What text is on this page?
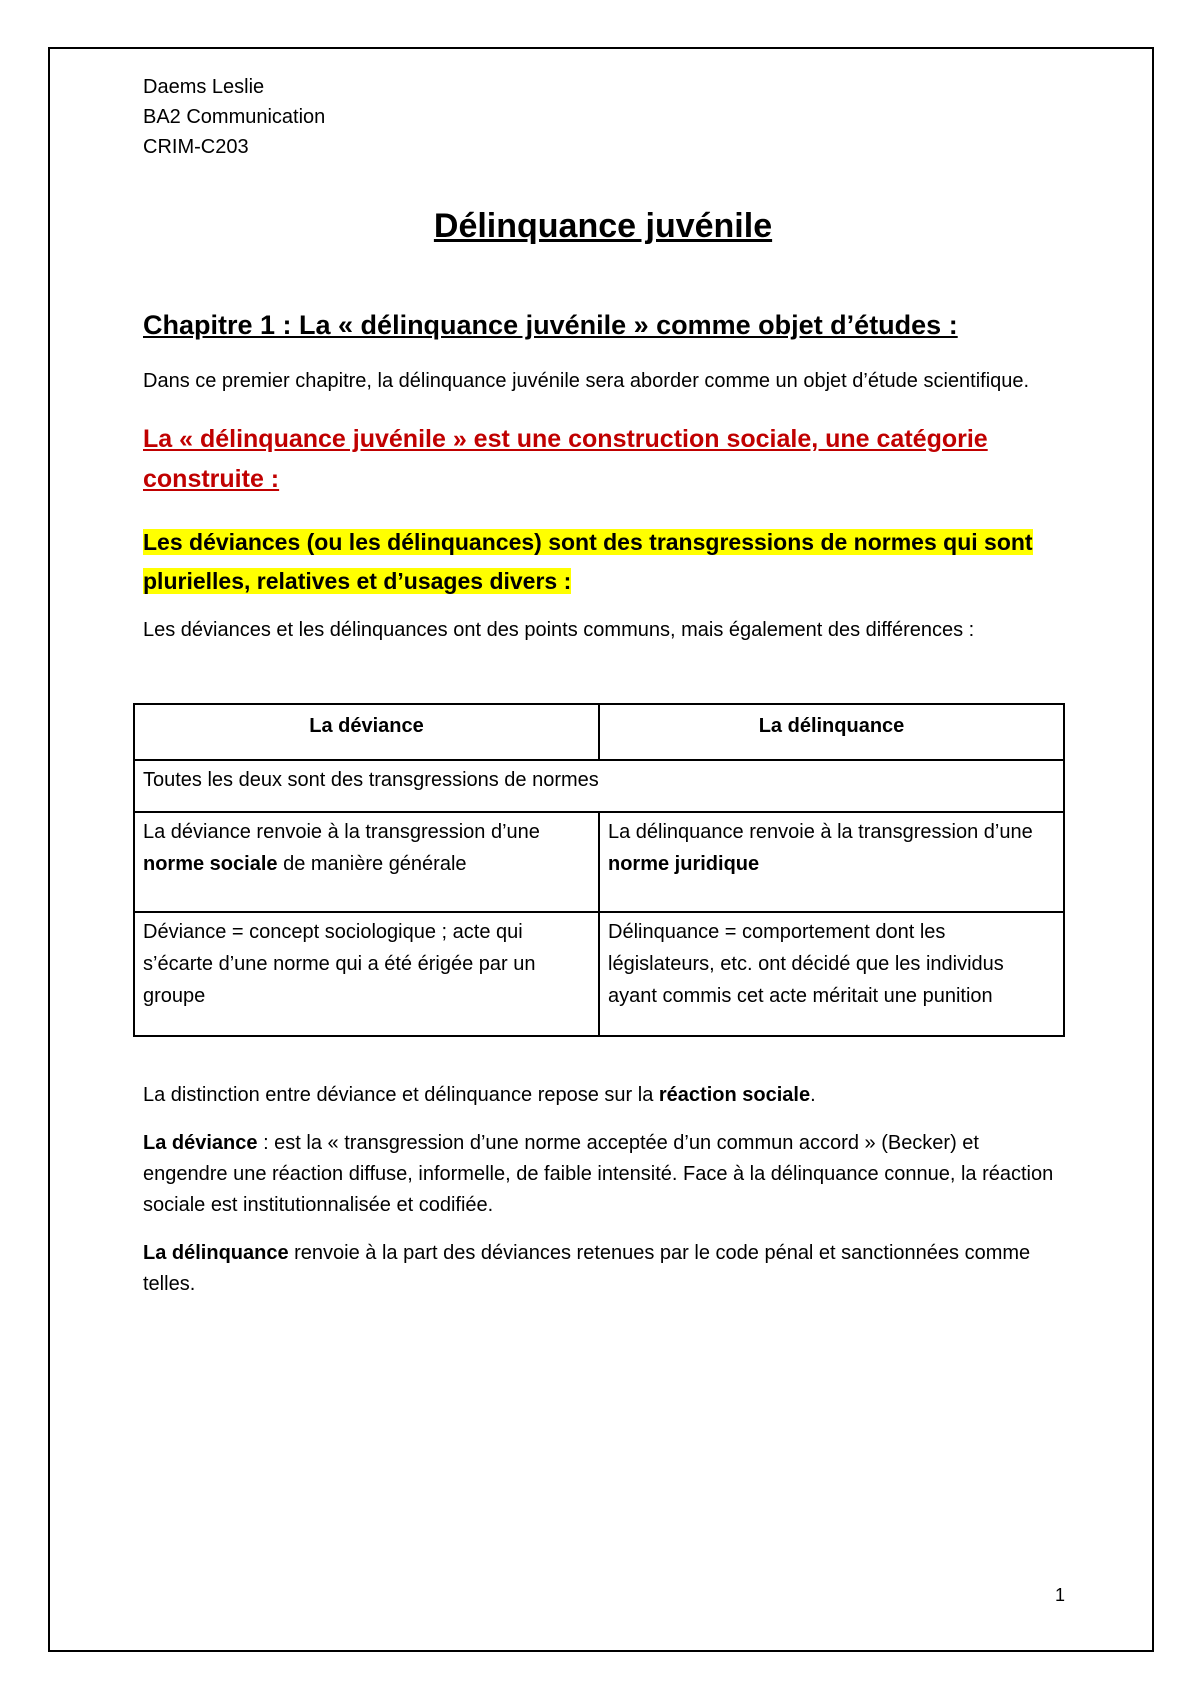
Daems Leslie

BA2 Communication

CRIM-C203

Délinquance juvénile
Chapitre 1 : La « délinquance juvénile » comme objet d’études :

Dans ce premier chapitre, la délinquance juvénile sera aborder comme un objet d’étude scientifique.

La « délinquance juvénile » est une construction sociale, une catégorie construite :

Les déviances (ou les délinquances) sont des transgressions de normes qui sont plurielles, relatives et d’usages divers :

Les déviances et les délinquances ont des points communs, mais également des différences :

La déviance	La délinquance
Toutes les deux sont des transgressions de normes	
La déviance renvoie à la transgression d’une norme sociale de manière générale	La délinquance renvoie à la transgression d’une norme juridique
Déviance = concept sociologique ; acte qui s’écarte d’une norme qui a été érigée par un groupe	Délinquance = comportement dont les législateurs, etc. ont décidé que les individus ayant commis cet acte méritait une punition

La distinction entre déviance et délinquance repose sur la réaction sociale.

La déviance : est la « transgression d’une norme acceptée d’un commun accord » (Becker) et engendre une réaction diffuse, informelle, de faible intensité. Face à la délinquance connue, la réaction sociale est institutionnalisée et codifiée.

La délinquance renvoie à la part des déviances retenues par le code pénal et sanctionnées comme telles.

1
